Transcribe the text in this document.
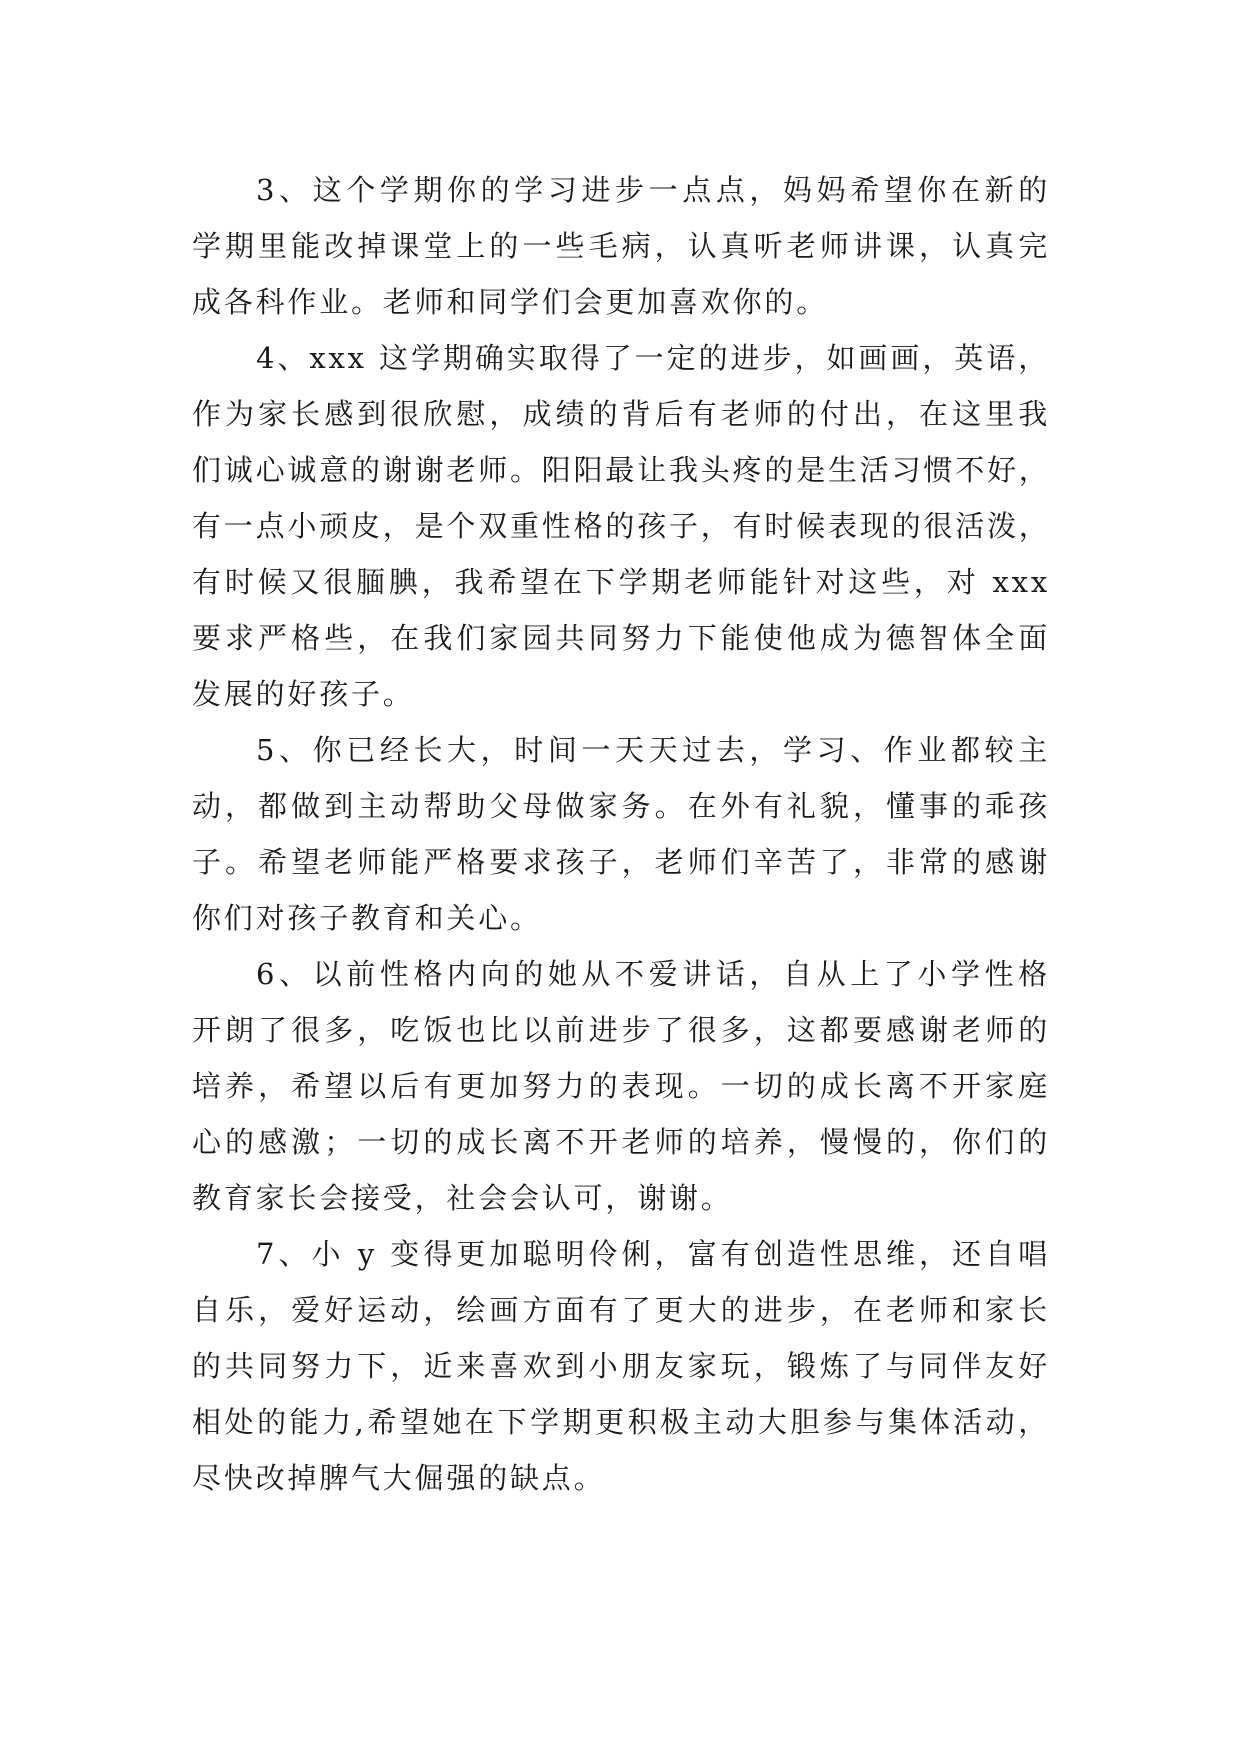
3、这个学期你的学习进步一点点，妈妈希望你在新的
学期里能改掉课堂上的一些毛病，认真听老师讲课，认真完
成各科作业。老师和同学们会更加喜欢你的。
4、xxx 这学期确实取得了一定的进步，如画画，英语，
作为家长感到很欣慰，成绩的背后有老师的付出，在这里我
们诚心诚意的谢谢老师。阳阳最让我头疼的是生活习惯不好，
有一点小顽皮，是个双重性格的孩子，有时候表现的很活泼，
有时候又很腼腆，我希望在下学期老师能针对这些，对 xxx
要求严格些，在我们家园共同努力下能使他成为德智体全面
发展的好孩子。
5、你已经长大，时间一天天过去，学习、作业都较主
动，都做到主动帮助父母做家务。在外有礼貌，懂事的乖孩
子。希望老师能严格要求孩子，老师们辛苦了，非常的感谢
你们对孩子教育和关心。
6、以前性格内向的她从不爱讲话，自从上了小学性格
开朗了很多，吃饭也比以前进步了很多，这都要感谢老师的
培养，希望以后有更加努力的表现。一切的成长离不开家庭
心的感激；一切的成长离不开老师的培养，慢慢的，你们的
教育家长会接受，社会会认可，谢谢。
7、小 y 变得更加聪明伶俐，富有创造性思维，还自唱
自乐，爱好运动，绘画方面有了更大的进步，在老师和家长
的共同努力下，近来喜欢到小朋友家玩，锻炼了与同伴友好
相处的能力,希望她在下学期更积极主动大胆参与集体活动，
尽快改掉脾气大倔强的缺点。
